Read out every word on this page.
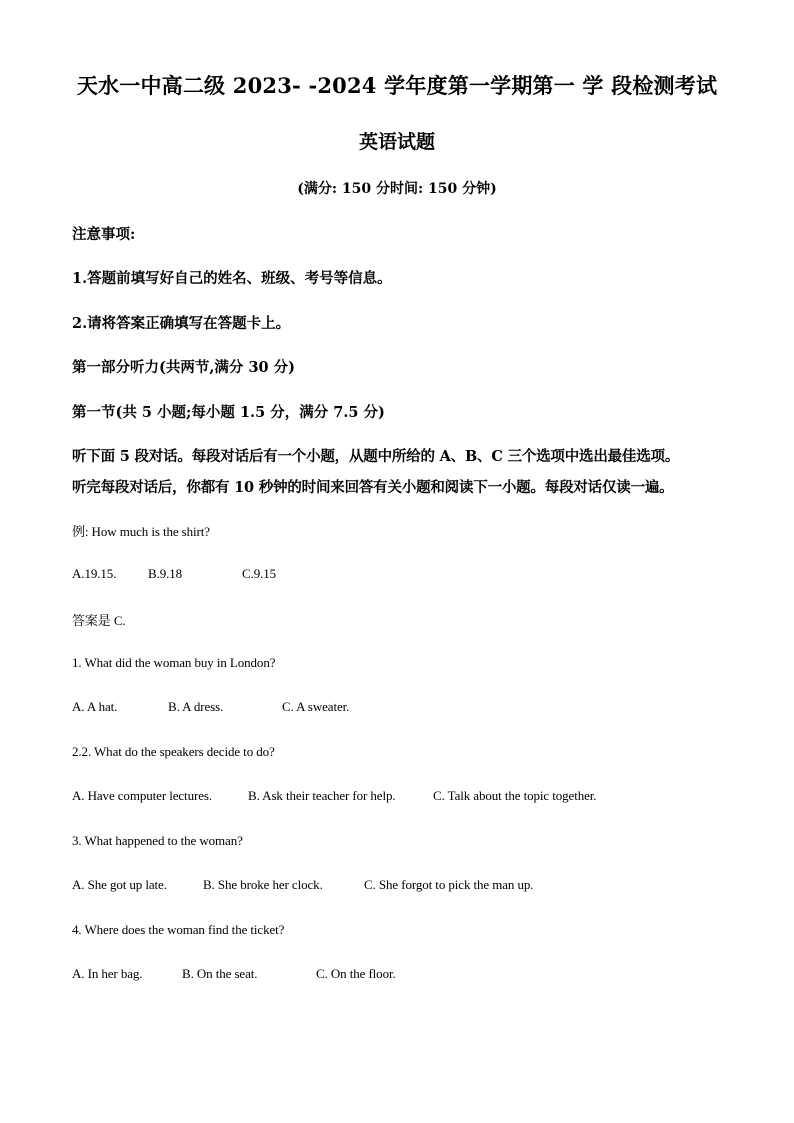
天水一中高二级 2023- -2024 学年度第一学期第一 学 段检测考试
英语试题
(满分: 150 分时间: 150 分钟)
注意事项:
1.答题前填写好自己的姓名、班级、考号等信息。
2.请将答案正确填写在答题卡上。
第一部分听力(共两节,满分 30 分)
第一节(共 5 小题;每小题 1.5 分，满分 7.5 分)
听下面 5 段对话。每段对话后有一个小题，从题中所给的 A、B、C 三个选项中选出最佳选项。
听完每段对话后，你都有 10 秒钟的时间来回答有关小题和阅读下一小题。每段对话仅读一遍。
例: How much is the shirt?
A.19.15. B.9.18	C.9.15
答案是 C.
1. What did the woman buy in London?
A. A hat.	B. A dress.	C. A sweater.
2.2. What do the speakers decide to do?
A. Have computer lectures.	B. Ask their teacher for help.	C. Talk about the topic together.
3. What happened to the woman?
A. She got up late.	B. She broke her clock.	C. She forgot to pick the man up.
4. Where does the woman find the ticket?
A. In her bag.	B. On the seat.	C. On the floor.
